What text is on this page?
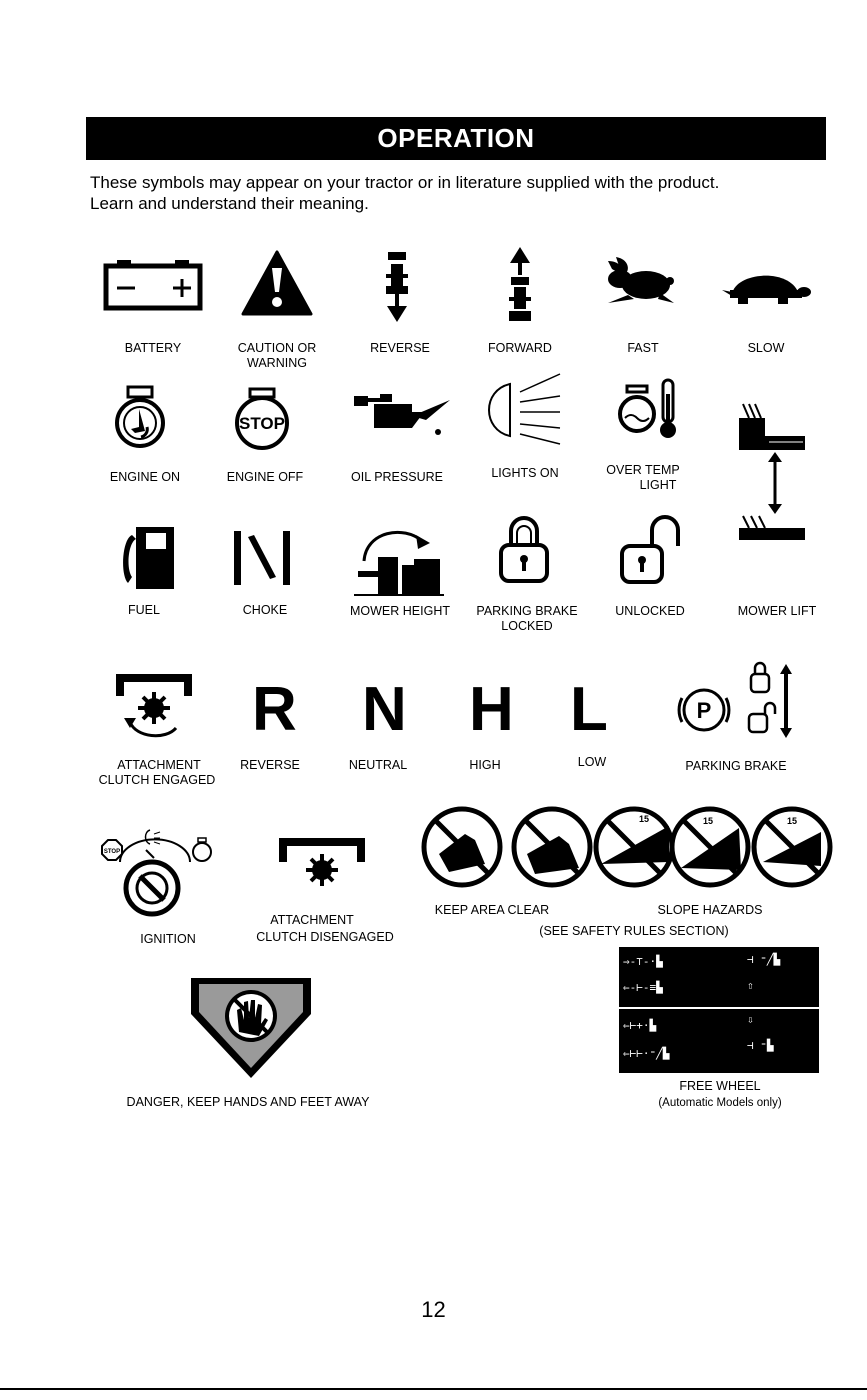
OPERATION
These symbols may appear on your tractor or in literature supplied with the product.
Learn and understand their meaning.
BATTERY	CAUTION OR
WARNING
REVERSE	FORWARD	FAST	SLOW
ENGINE ON
STOP
ENGINE OFF	OIL PRESSURE	LIGHTS ON	OVER TEMP
LIGHT
FUEL	CHOKE	MOWER HEIGHT	PARKING BRAKE
LOCKED
UNLOCKED	MOWER LIFT
ATTACHMENT
CLUTCH ENGAGED
R N H L
REVERSE	NEUTRAL	HIGH	LOW
P
PARKING BRAKE
STOP
IGNITION
ATTACHMENT
CLUTCH DISENGAGED
15	15	15
KEEP AREA CLEAR	SLOPE HAZARDS
(SEE SAFETY RULES SECTION)
DANGER, KEEP HANDS AND FEET AWAY
⇒-⊤-·▙
⇐-⊢-≡▙
⊣ ⁼╱▙
⇧
⇐⊢+·▙
⇐⊢⊢·⁼╱▙
⇩
⊣ ⁼▙
FREE WHEEL
(Automatic Models only)
12
